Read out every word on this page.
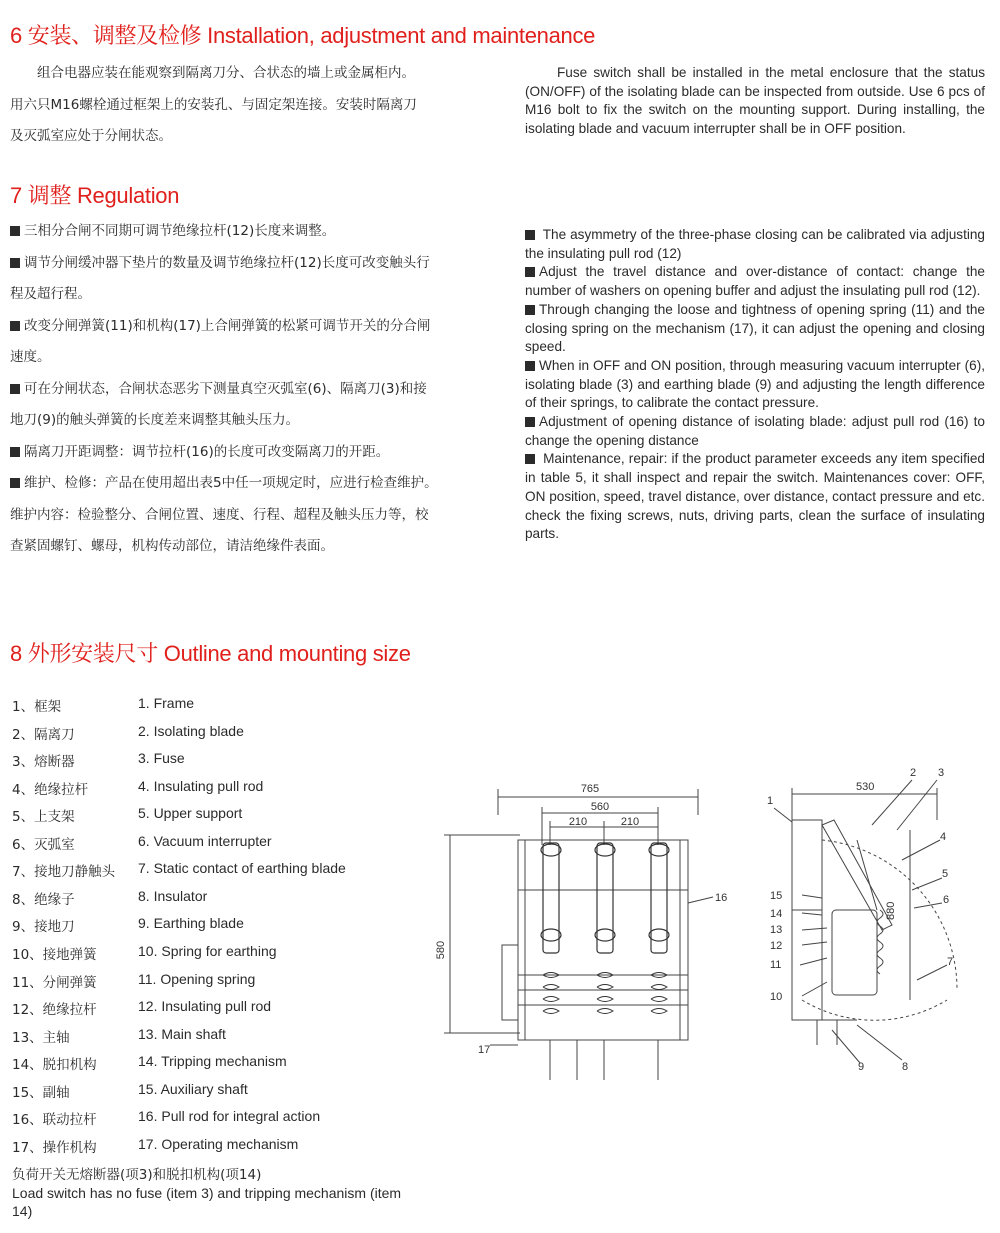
6 安装、调整及检修 Installation, adjustment and maintenance

　　组合电器应装在能观察到隔离刀分、合状态的墙上或金属柜内。

用六只M16螺栓通过框架上的安装孔、与固定架连接。安装时隔离刀

及灭弧室应处于分闸状态。

Fuse switch shall be installed in the metal enclosure that the status (ON/OFF) of the isolating blade can be inspected from outside. Use 6 pcs of M16 bolt to fix the switch on the mounting support. During installing, the isolating blade and vacuum interrupter shall be in OFF position.
7 调整 Regulation

三相分合闸不同期可调节绝缘拉杆(12)长度来调整。

调节分闸缓冲器下垫片的数量及调节绝缘拉杆(12)长度可改变触头行

程及超行程。

改变分闸弹簧(11)和机构(17)上合闸弹簧的松紧可调节开关的分合闸

速度。

可在分闸状态，合闸状态恶劣下测量真空灭弧室(6)、隔离刀(3)和接

地刀(9)的触头弹簧的长度差来调整其触头压力。

隔离刀开距调整：调节拉杆(16)的长度可改变隔离刀的开距。

维护、检修：产品在使用超出表5中任一项规定时，应进行检查维护。

维护内容：检验整分、合闸位置、速度、行程、超程及触头压力等，校

查紧固螺钉、螺母，机构传动部位，请洁绝缘件表面。

The asymmetry of the three-phase closing can be calibrated via adjusting the insulating pull rod (12)

Adjust the travel distance and over-distance of contact: change the number of washers on opening buffer and adjust the insulating pull rod (12).

Through changing the loose and tightness of opening spring (11) and the closing spring on the mechanism (17), it can adjust the opening and closing speed.

When in OFF and ON position, through measuring vacuum interrupter (6), isolating blade (3) and earthing blade (9) and adjusting the length difference of their springs, to calibrate the contact pressure.

Adjustment of opening distance of isolating blade: adjust pull rod (16) to change the opening distance

Maintenance, repair: if the product parameter exceeds any item specified in table 5, it shall inspect and repair the switch. Maintenances cover: OFF, ON position, speed, travel distance, over distance, contact pressure and etc. check the fixing screws, nuts, driving parts, clean the surface of insulating parts.

8 外形安装尺寸 Outline and mounting size
1、框架	1. Frame
2、隔离刀	2. Isolating blade
3、熔断器	3. Fuse
4、绝缘拉杆	4. Insulating pull rod
5、上支架	5. Upper support
6、灭弧室	6. Vacuum interrupter
7、接地刀静触头 7. Static contact of earthing blade
8、绝缘子	8. Insulator
9、接地刀	9. Earthing blade
10、接地弹簧	10. Spring for earthing
11、分闸弹簧	11. Opening spring
12、绝缘拉杆	12. Insulating pull rod
13、主轴	13. Main shaft
14、脱扣机构	14. Tripping mechanism
15、副轴	15. Auxiliary shaft
16、联动拉杆	16. Pull rod for integral action
17、操作机构	17. Operating mechanism
负荷开关无熔断器(项3)和脱扣机构(项14)
Load switch has no fuse (item 3) and tripping mechanism (item 14)
765
560
210	210
580
16
17
530
880
1
2 3
4
5
6
7
8
9
10
11
12
13
14
15
